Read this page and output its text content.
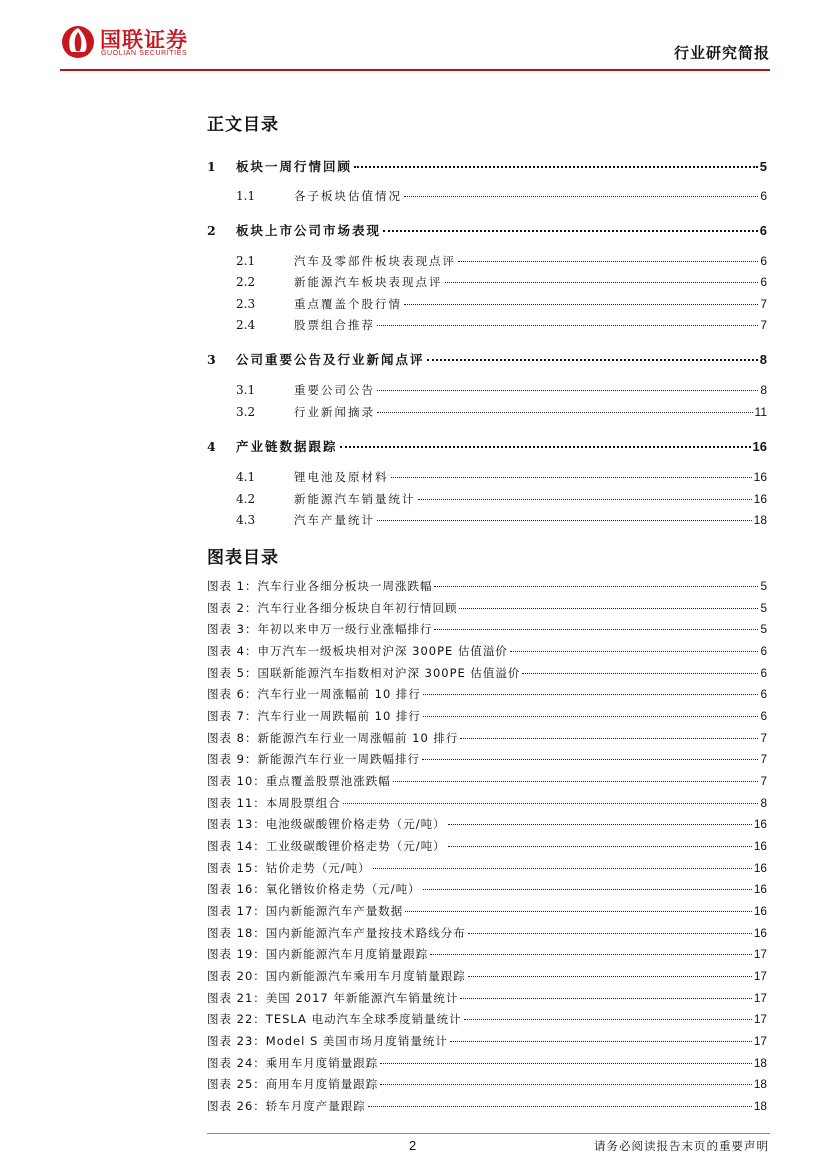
国联证券
GUOLIAN SECURITIES	行业研究简报
正文目录
1	板块一周行情回顾	5
1.1	各子板块估值情况	6
2	板块上市公司市场表现	6
2.1	汽车及零部件板块表现点评	6
2.2	新能源汽车板块表现点评	6
2.3	重点覆盖个股行情	7
2.4	股票组合推荐	7
3	公司重要公告及行业新闻点评	8
3.1	重要公司公告	8
3.2	行业新闻摘录	11
4	产业链数据跟踪	16
4.1	锂电池及原材料	16
4.2	新能源汽车销量统计	16
4.3	汽车产量统计	18
图表目录
图表 1：汽车行业各细分板块一周涨跌幅	5
图表 2：汽车行业各细分板块自年初行情回顾	5
图表 3：年初以来申万一级行业涨幅排行	5
图表 4：申万汽车一级板块相对沪深 300PE 估值溢价	6
图表 5：国联新能源汽车指数相对沪深 300PE 估值溢价	6
图表 6：汽车行业一周涨幅前 10 排行	6
图表 7：汽车行业一周跌幅前 10 排行	6
图表 8：新能源汽车行业一周涨幅前 10 排行	7
图表 9：新能源汽车行业一周跌幅排行	7
图表 10：重点覆盖股票池涨跌幅	7
图表 11：本周股票组合	8
图表 13：电池级碳酸锂价格走势（元/吨）	16
图表 14：工业级碳酸锂价格走势（元/吨）	16
图表 15：钴价走势（元/吨）	16
图表 16：氧化镨钕价格走势（元/吨）	16
图表 17：国内新能源汽车产量数据	16
图表 18：国内新能源汽车产量按技术路线分布	16
图表 19：国内新能源汽车月度销量跟踪	17
图表 20：国内新能源汽车乘用车月度销量跟踪	17
图表 21：美国 2017 年新能源汽车销量统计	17
图表 22：TESLA 电动汽车全球季度销量统计	17
图表 23：Model S 美国市场月度销量统计	17
图表 24：乘用车月度销量跟踪	18
图表 25：商用车月度销量跟踪	18
图表 26：轿车月度产量跟踪	18
2	请务必阅读报告末页的重要声明
